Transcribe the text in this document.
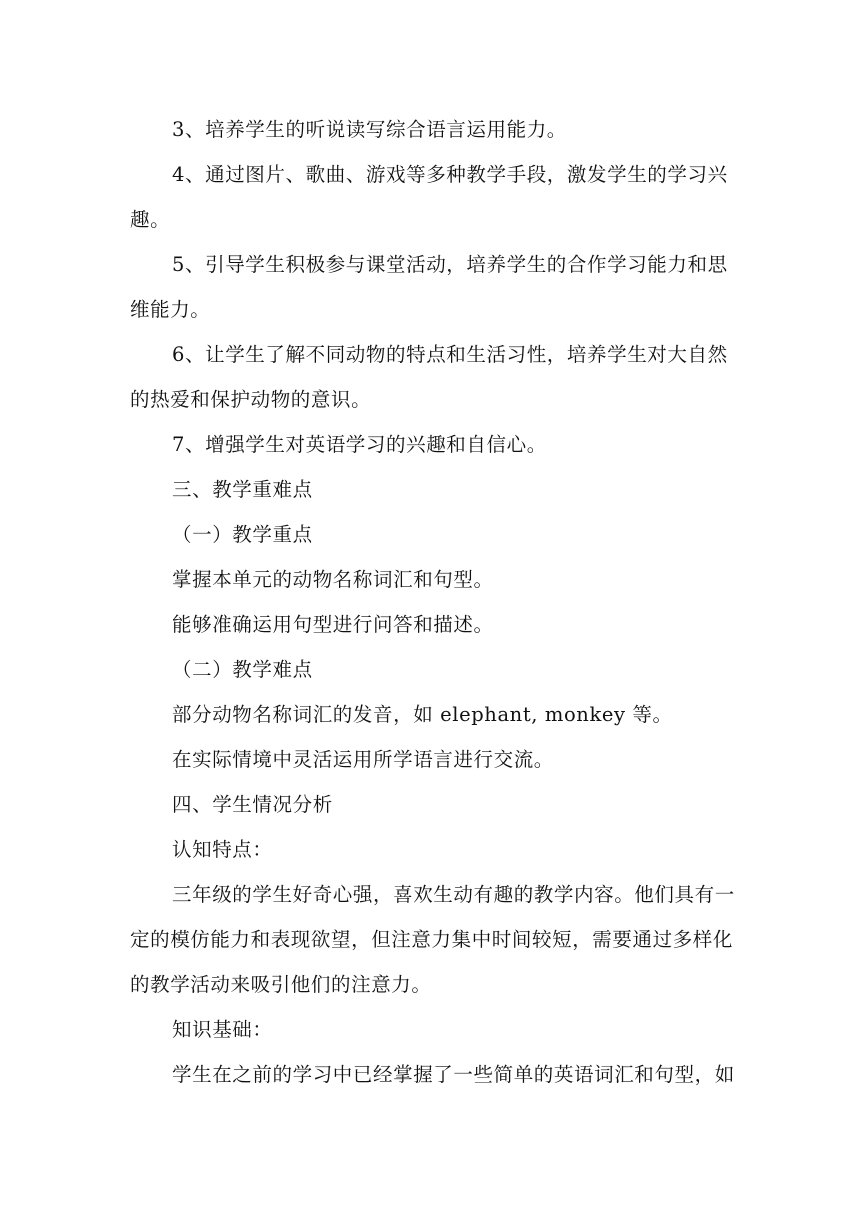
3、培养学生的听说读写综合语言运用能力。
4、通过图片、歌曲、游戏等多种教学手段，激发学生的学习兴
趣。
5、引导学生积极参与课堂活动，培养学生的合作学习能力和思
维能力。
6、让学生了解不同动物的特点和生活习性，培养学生对大自然
的热爱和保护动物的意识。
7、增强学生对英语学习的兴趣和自信心。
三、教学重难点
（一）教学重点
掌握本单元的动物名称词汇和句型。
能够准确运用句型进行问答和描述。
（二）教学难点
部分动物名称词汇的发音，如 elephant, monkey 等。
在实际情境中灵活运用所学语言进行交流。
四、学生情况分析
认知特点：
三年级的学生好奇心强，喜欢生动有趣的教学内容。他们具有一
定的模仿能力和表现欲望，但注意力集中时间较短，需要通过多样化
的教学活动来吸引他们的注意力。
知识基础：
学生在之前的学习中已经掌握了一些简单的英语词汇和句型，如
